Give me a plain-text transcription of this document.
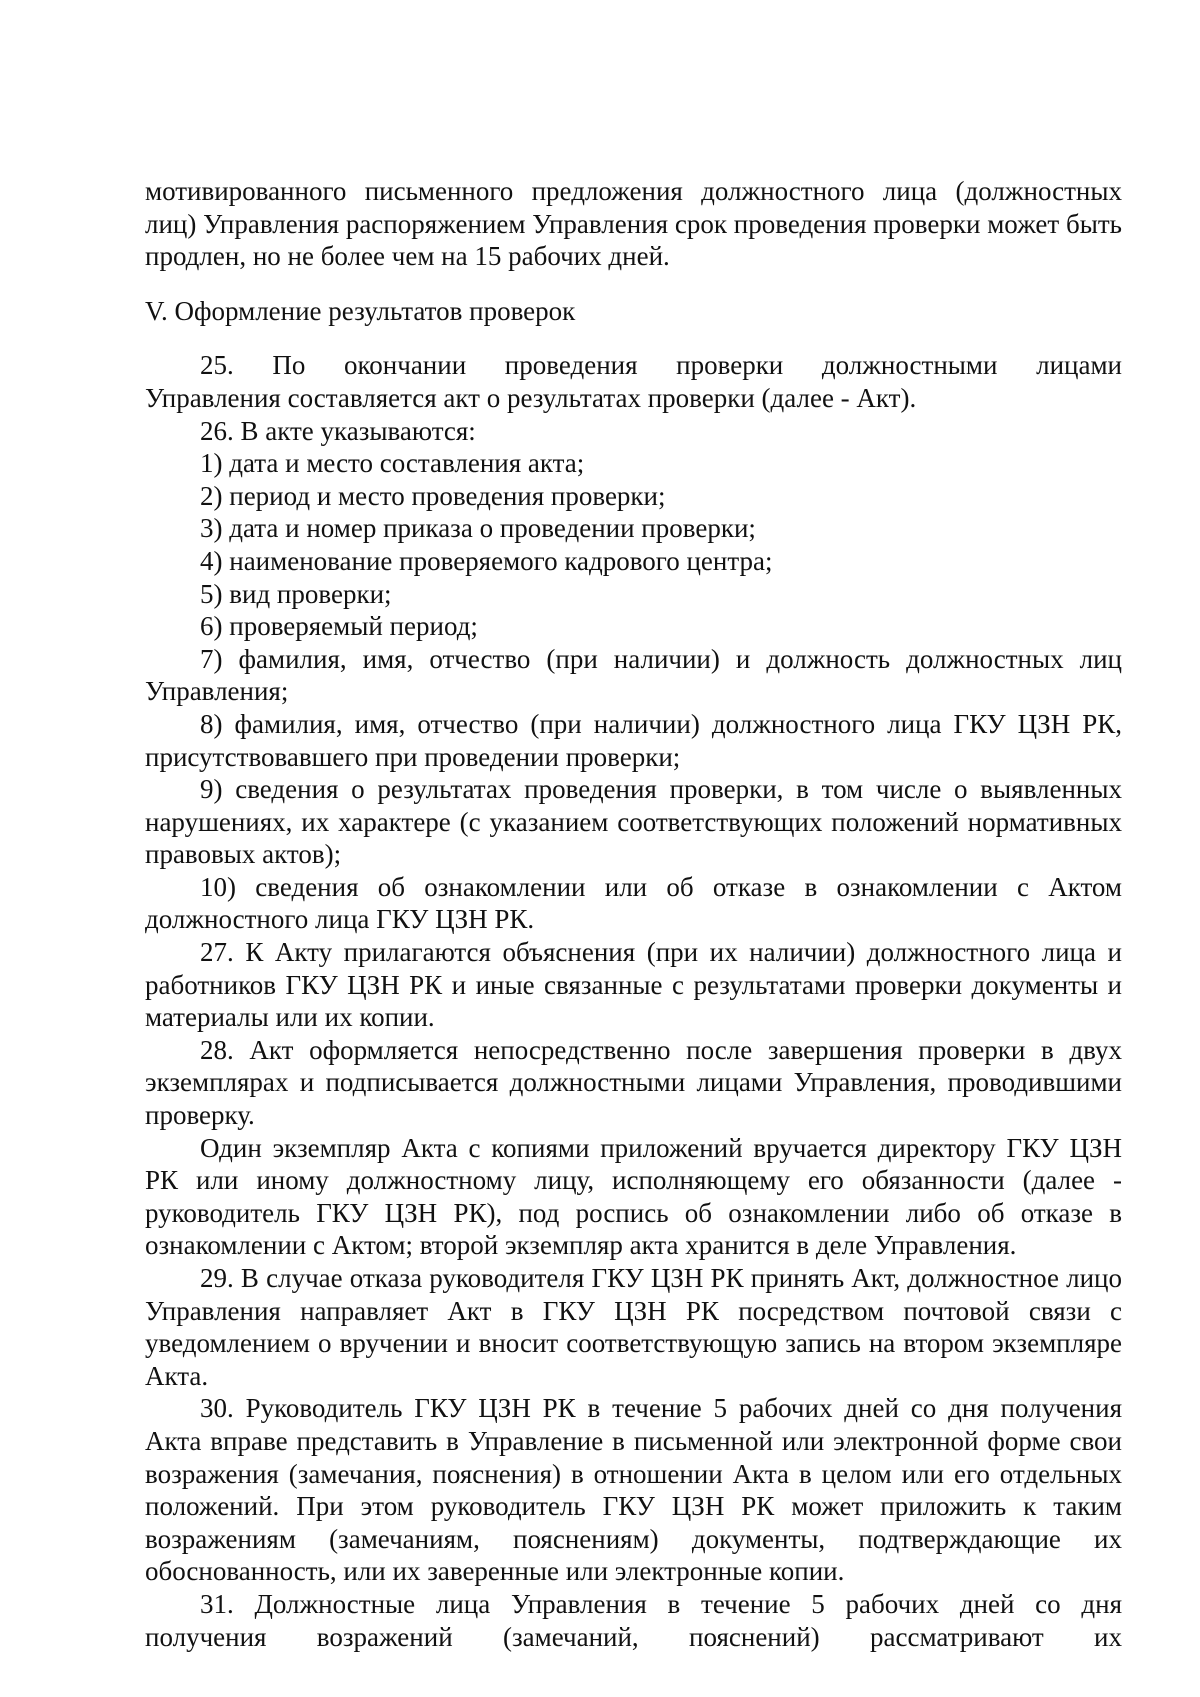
мотивированного письменного предложения должностного лица (должностных лиц) Управления распоряжением Управления срок проведения проверки может быть продлен, но не более чем на 15 рабочих дней.

V. Оформление результатов проверок

25. По окончании проведения проверки должностными лицами

Управления составляется акт о результатах проверки (далее - Акт).

26. В акте указываются:

1) дата и место составления акта;

2) период и место проведения проверки;

3) дата и номер приказа о проведении проверки;

4) наименование проверяемого кадрового центра;

5) вид проверки;

6) проверяемый период;

7) фамилия, имя, отчество (при наличии) и должность должностных лиц Управления;

8) фамилия, имя, отчество (при наличии) должностного лица ГКУ ЦЗН РК, присутствовавшего при проведении проверки;

9) сведения о результатах проведения проверки, в том числе о выявленных нарушениях, их характере (с указанием соответствующих положений нормативных правовых актов);

10) сведения об ознакомлении или об отказе в ознакомлении с Актом должностного лица ГКУ ЦЗН РК.

27. К Акту прилагаются объяснения (при их наличии) должностного лица и работников ГКУ ЦЗН РК и иные связанные с результатами проверки документы и материалы или их копии.

28. Акт оформляется непосредственно после завершения проверки в двух экземплярах и подписывается должностными лицами Управления, проводившими проверку.

Один экземпляр Акта с копиями приложений вручается директору ГКУ ЦЗН РК или иному должностному лицу, исполняющему его обязанности (далее - руководитель ГКУ ЦЗН РК), под роспись об ознакомлении либо об отказе в ознакомлении с Актом; второй экземпляр акта хранится в деле Управления.

29. В случае отказа руководителя ГКУ ЦЗН РК принять Акт, должностное лицо Управления направляет Акт в ГКУ ЦЗН РК посредством почтовой связи с уведомлением о вручении и вносит соответствующую запись на втором экземпляре Акта.

30. Руководитель ГКУ ЦЗН РК в течение 5 рабочих дней со дня получения Акта вправе представить в Управление в письменной или электронной форме свои возражения (замечания, пояснения) в отношении Акта в целом или его отдельных положений. При этом руководитель ГКУ ЦЗН РК может приложить к таким возражениям (замечаниям, пояснениям) документы, подтверждающие их обоснованность, или их заверенные или электронные копии.

31. Должностные лица Управления в течение 5 рабочих дней со дня

получения возражений (замечаний, пояснений) рассматривают их
